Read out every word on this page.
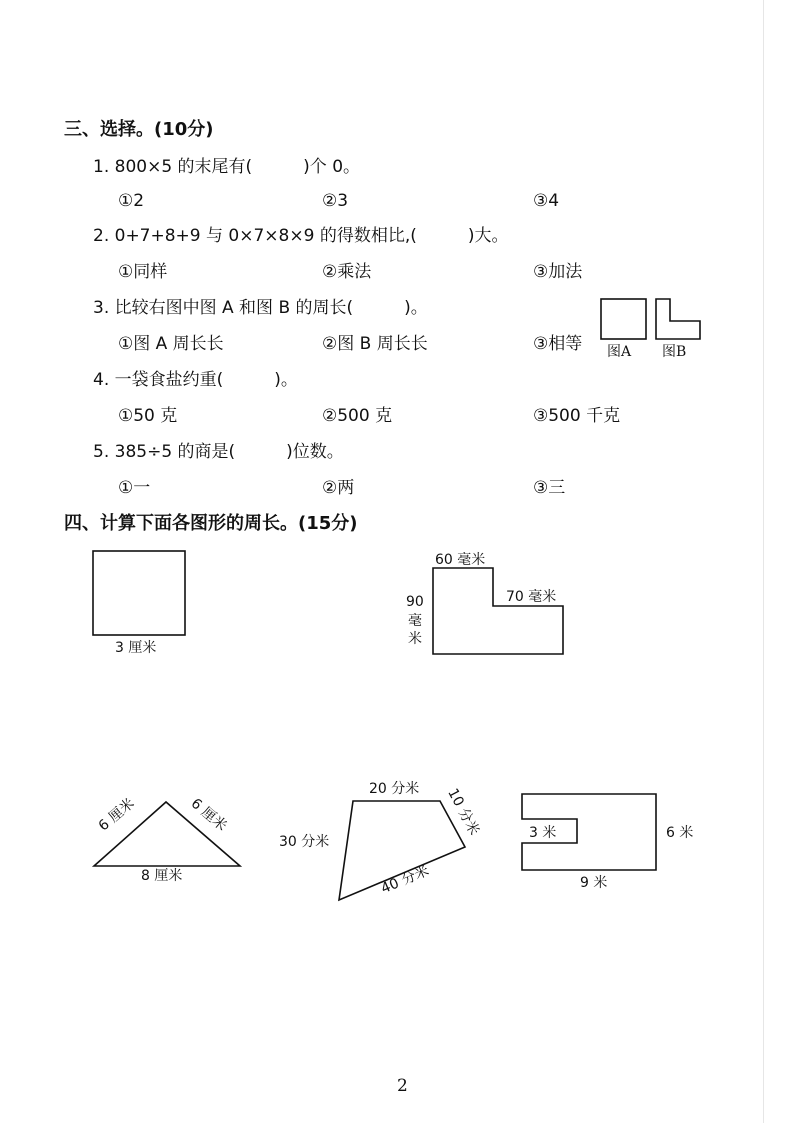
三、选择。(10分)
1. 800×5 的末尾有(　　　)个 0。
①2	②3	③4
2. 0+7+8+9 与 0×7×8×9 的得数相比,(　　　)大。
①同样	②乘法	③加法
3. 比较右图中图 A 和图 B 的周长(　　　)。
①图 A 周长长	②图 B 周长长	③相等 图A 图B
4. 一袋食盐约重(　　　)。
①50 克	②500 克	③500 千克
5. 385÷5 的商是(　　　)位数。
①一	②两	③三
四、计算下面各图形的周长。(15分)
3 厘米
60 毫米
70 毫米
90
毫
米
6 厘米	6 厘米
8 厘米
20 分米 10 分米
30 分米
40 分米
3 米	6 米
9 米
2
